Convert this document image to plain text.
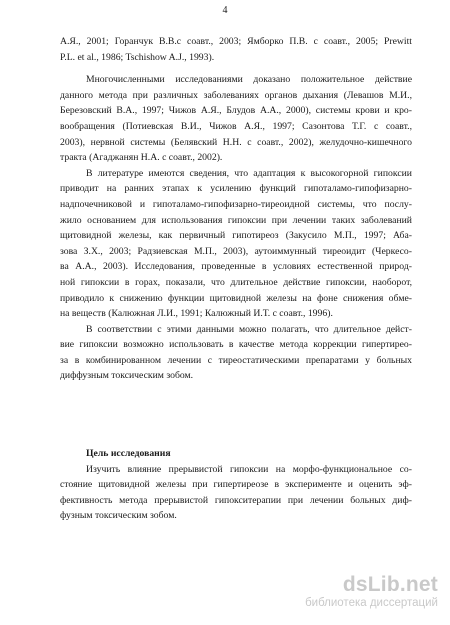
4
А.Я., 2001; Горанчук В.В.с соавт., 2003; Ямборко П.В. с соавт., 2005; Prewitt
P.L. et al., 1986; Tschishow A.J., 1993).
Многочисленными исследованиями доказано положительное действие
данного метода при различных заболеваниях органов дыхания (Левашов М.И.,
Березовский В.А., 1997; Чижов А.Я., Блудов А.А., 2000), системы крови и кро-
вообращения (Потиевская В.И., Чижов А.Я., 1997; Сазонтова Т.Г. с соавт.,
2003), нервной системы (Белявский Н.Н. с соавт., 2002), желудочно-кишечного
тракта (Агаджанян Н.А. с соавт., 2002).
В литературе имеются сведения, что адаптация к высокогорной гипоксии
приводит на ранних этапах к усилению функций гипоталамо-гипофизарно-
надпочечниковой и гипоталамо-гипофизарно-тиреоидной системы, что послу-
жило основанием для использования гипоксии при лечении таких заболеваний
щитовидной железы, как первичный гипотиреоз (Закусило М.П., 1997; Аба-
зова З.Х., 2003; Радзиевская М.П., 2003), аутоиммунный тиреоидит (Черкесо-
ва А.А., 2003). Исследования, проведенные в условиях естественной природ-
ной гипоксии в горах, показали, что длительное действие гипоксии, наоборот,
приводило к снижению функции щитовидной железы на фоне снижения обме-
на веществ (Калюжная Л.И., 1991; Калюжный И.Т. с соавт., 1996).
В соответствии с этими данными можно полагать, что длительное дейст-
вие гипоксии возможно использовать в качестве метода коррекции гипертирео-
за в комбинированном лечении с тиреостатическими препаратами у больных
диффузным токсическим зобом.
Цель исследования
Изучить влияние прерывистой гипоксии на морфо-функциональное со-
стояние щитовидной железы при гипертиреозе в эксперименте и оценить эф-
фективность метода прерывистой гипокситерапии при лечении больных диф-
фузным токсическим зобом.
dsLib.net
библиотека диссертаций
